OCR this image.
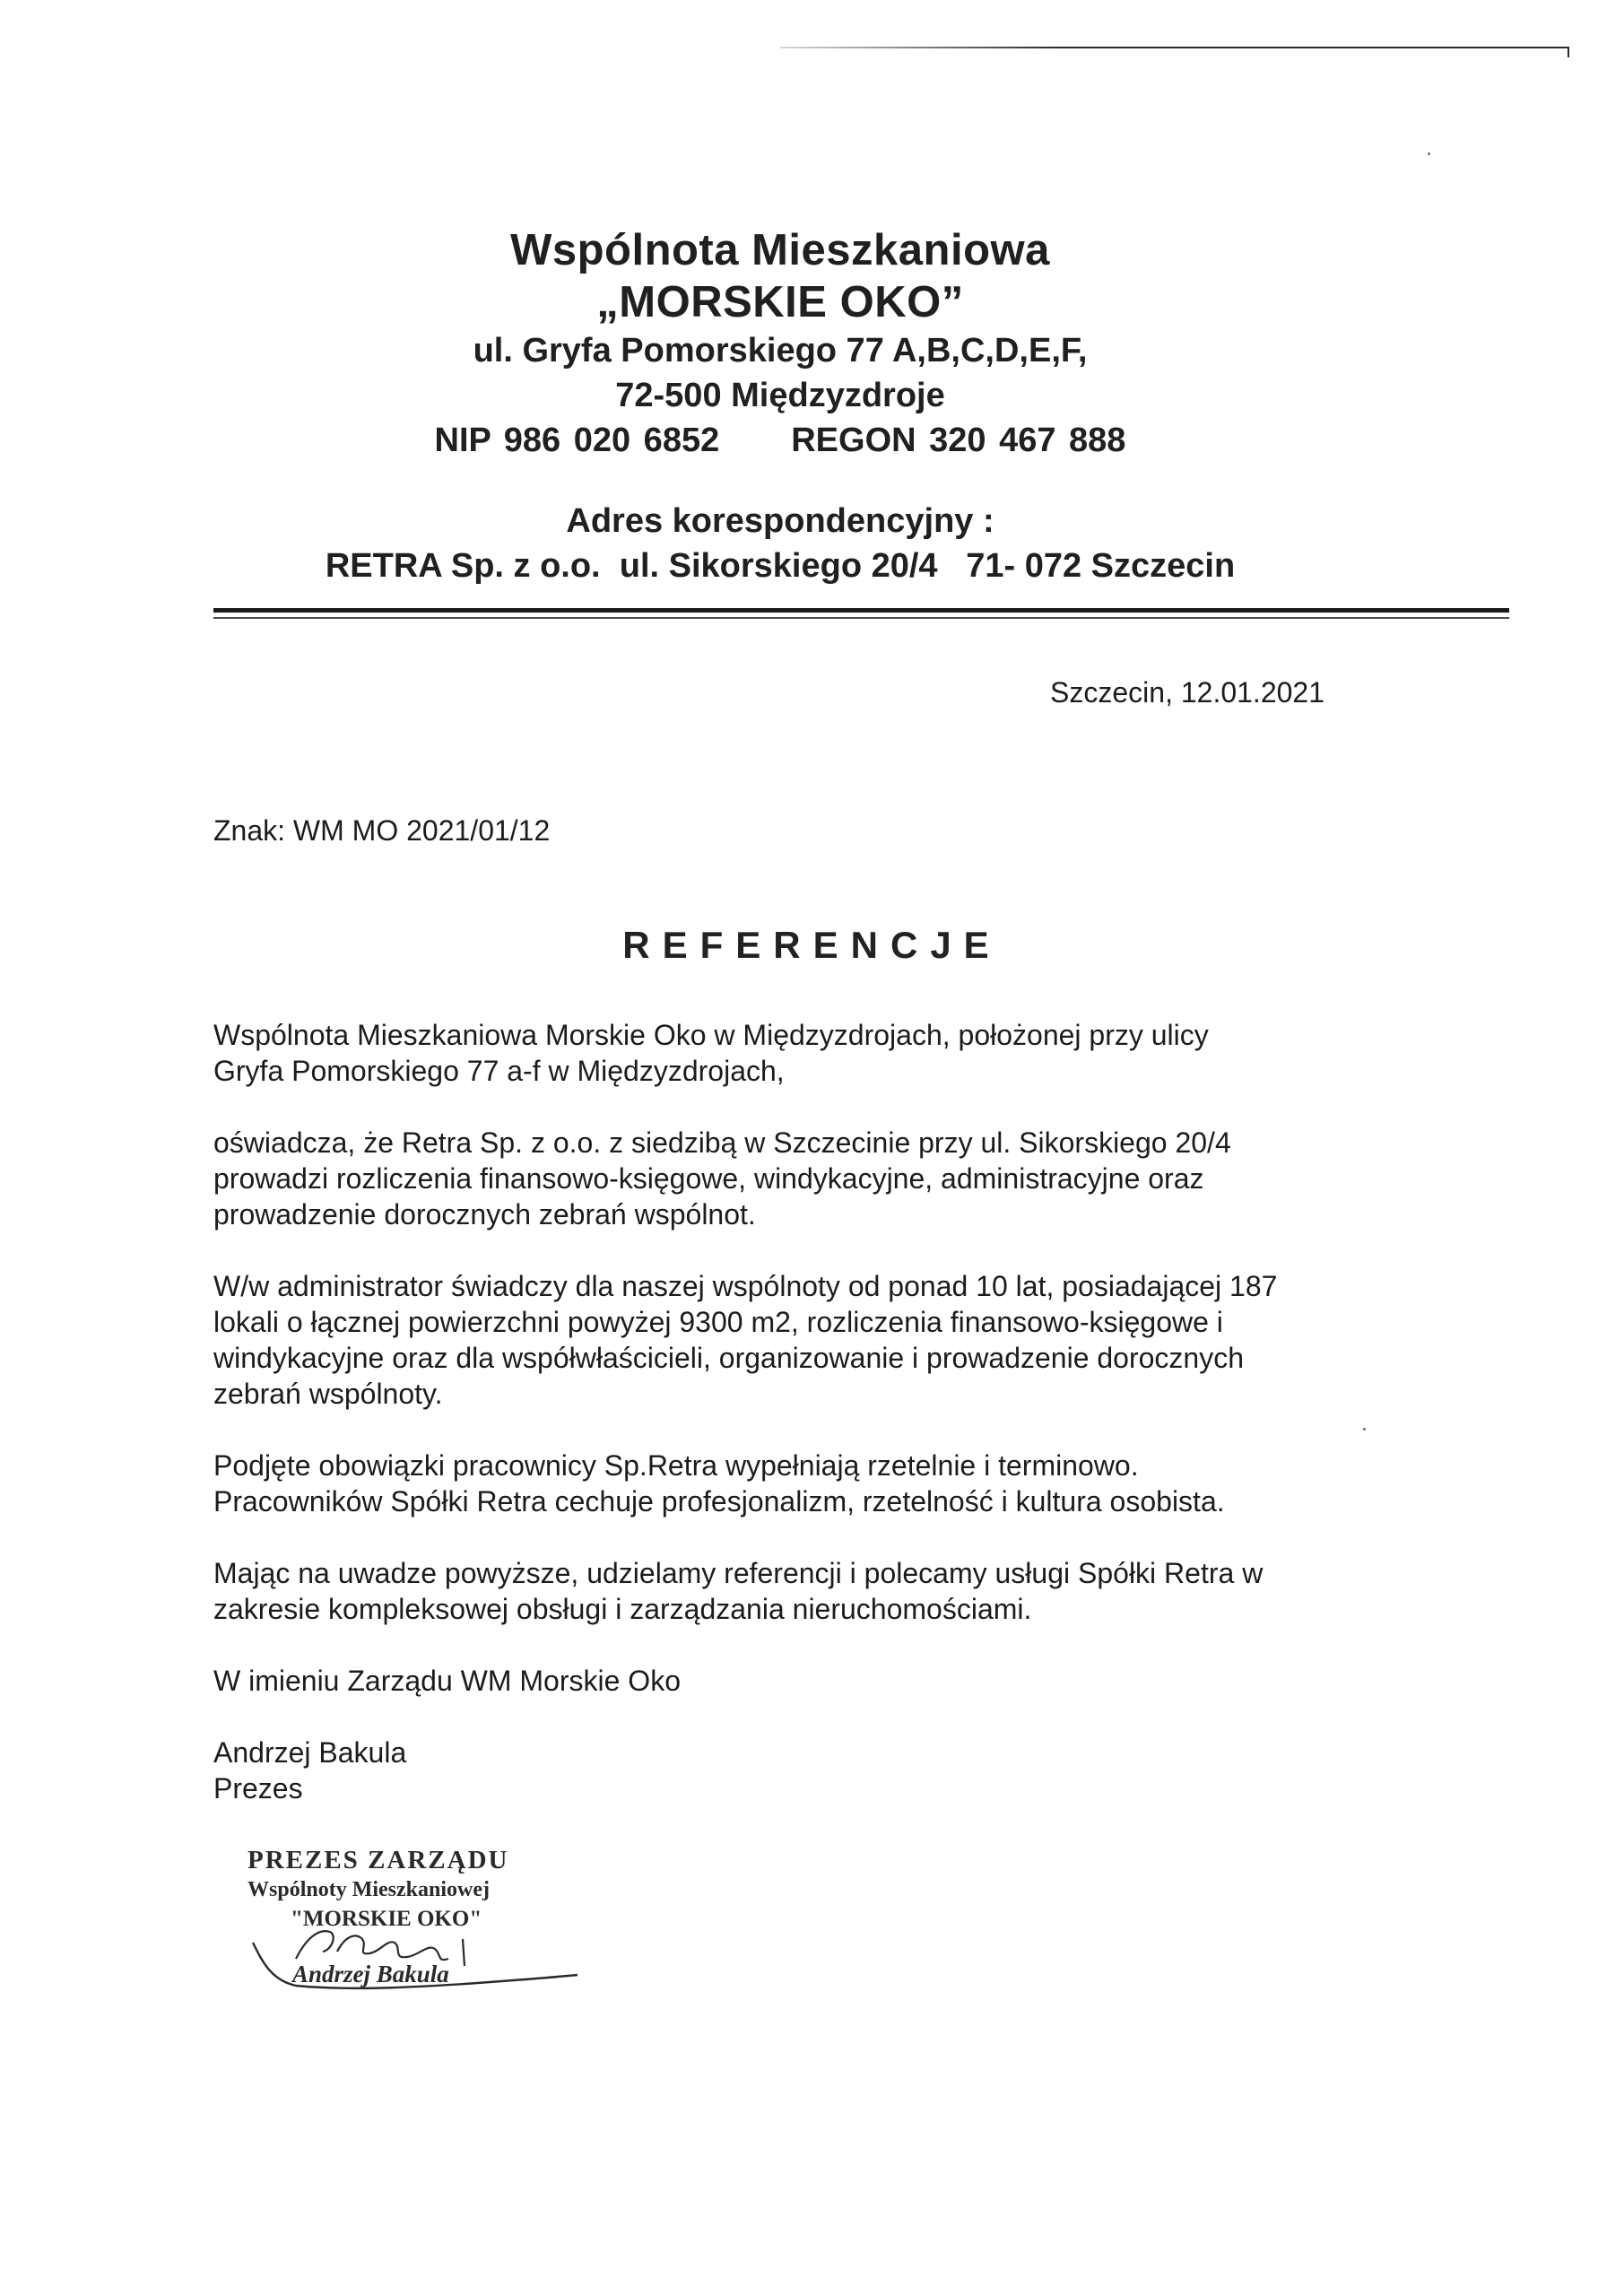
Wspólnota Mieszkaniowa
„MORSKIE OKO”
ul. Gryfa Pomorskiego 77 A,B,C,D,E,F,
72-500 Międzyzdroje
NIP 986 020 6852 REGON 320 467 888
Adres korespondencyjny :
RETRA Sp. z o.o.  ul. Sikorskiego 20/4   71- 072 Szczecin
Szczecin, 12.01.2021
Znak: WM MO 2021/01/12
REFERENCJE

Wspólnota Mieszkaniowa Morskie Oko w Międzyzdrojach, położonej przy ulicy
Gryfa Pomorskiego 77 a-f w Międzyzdrojach,

oświadcza, że Retra Sp. z o.o. z siedzibą w Szczecinie przy ul. Sikorskiego 20/4
prowadzi rozliczenia finansowo-księgowe, windykacyjne, administracyjne oraz
prowadzenie dorocznych zebrań wspólnot.

W/w administrator świadczy dla naszej wspólnoty od ponad 10 lat, posiadającej 187
lokali o łącznej powierzchni powyżej 9300 m2, rozliczenia finansowo-księgowe i
windykacyjne oraz dla współwłaścicieli, organizowanie i prowadzenie dorocznych
zebrań wspólnoty.

Podjęte obowiązki pracownicy Sp.Retra wypełniają rzetelnie i terminowo.
Pracowników Spółki Retra cechuje profesjonalizm, rzetelność i kultura osobista.

Mając na uwadze powyższe, udzielamy referencji i polecamy usługi Spółki Retra w
zakresie kompleksowej obsługi i zarządzania nieruchomościami.

W imieniu Zarządu WM Morskie Oko

Andrzej Bakula
Prezes
PREZES ZARZĄDU
Wspólnoty Mieszkaniowej
"MORSKIE OKO"
Andrzej Bakula
